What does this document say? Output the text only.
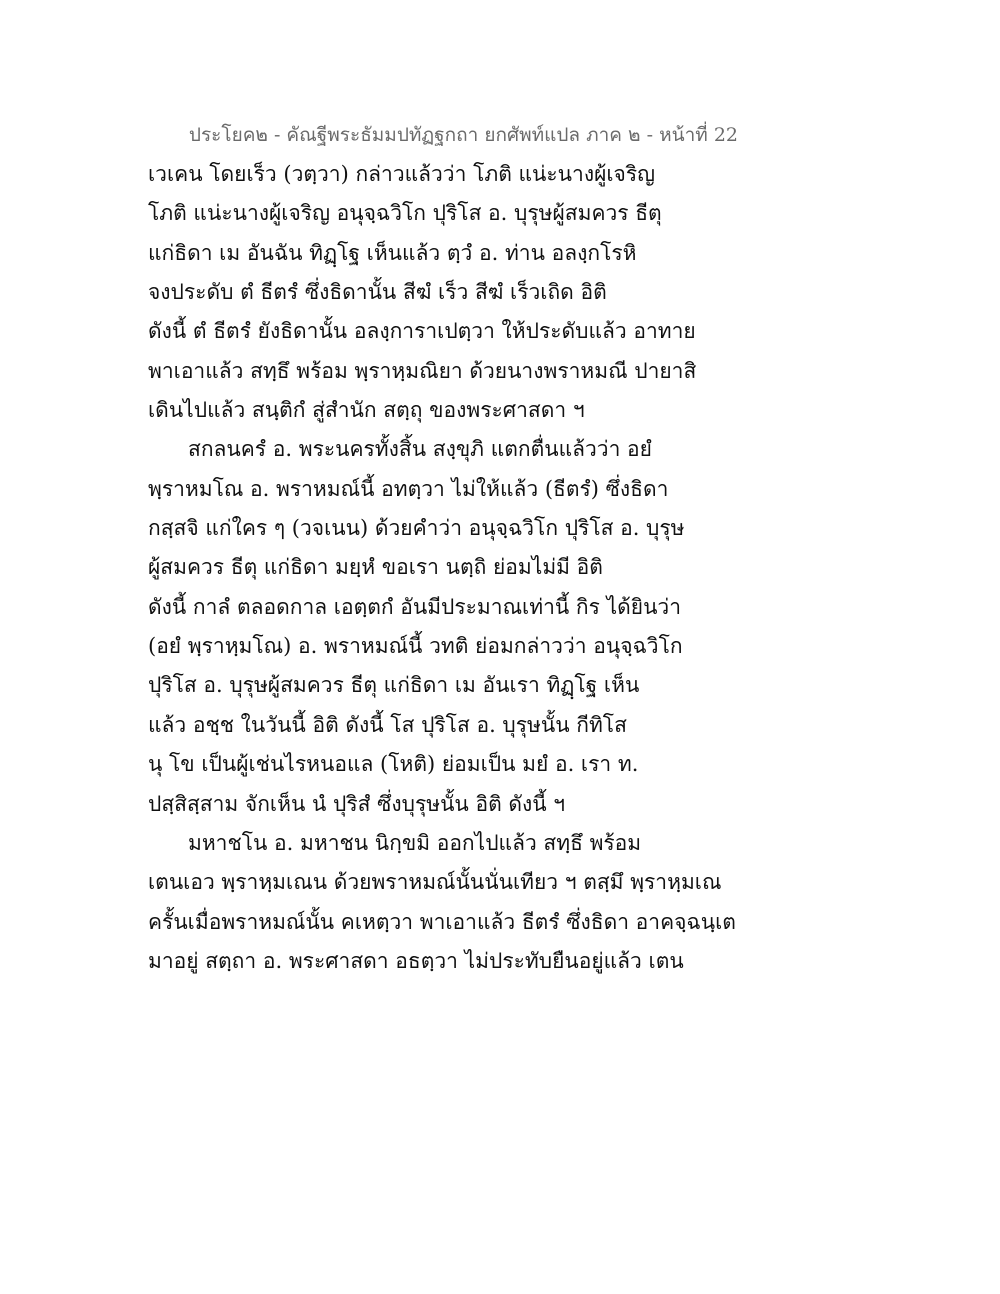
ประโยค๒ - คัณฐีพระธัมมปทัฏฐกถา ยกศัพท์แปล ภาค ๒ - หน้าที่ 22
เวเคน โดยเร็ว (วตฺวา) กล่าวแล้วว่า โภติ แน่ะนางผู้เจริญ
โภติ แน่ะนางผู้เจริญ อนุจฺฉวิโก ปุริโส อ. บุรุษผู้สมควร ธีตุ
แก่ธิดา เม อันฉัน ทิฏฺโฐ เห็นแล้ว ตฺวํ อ. ท่าน อลงฺกโรหิ
จงประดับ ตํ ธีตรํ ซึ่งธิดานั้น สีฆํ เร็ว สีฆํ เร็วเถิด อิติ
ดังนี้ ตํ ธีตรํ ยังธิดานั้น อลงฺการาเปตฺวา ให้ประดับแล้ว อาทาย
พาเอาแล้ว สทฺธึ พร้อม พฺราหฺมณิยา ด้วยนางพราหมณี ปายาสิ
เดินไปแล้ว สนฺติกํ สู่สำนัก สตฺถุ ของพระศาสดา ฯ
สกลนครํ อ. พระนครทั้งสิ้น สงฺขุภิ แตกตื่นแล้วว่า อยํ
พฺราหมโณ อ. พราหมณ์นี้ อทตฺวา ไม่ให้แล้ว (ธีตรํ) ซึ่งธิดา
กสฺสจิ แก่ใคร ๆ (วจเนน) ด้วยคำว่า อนุจฺฉวิโก ปุริโส อ. บุรุษ
ผู้สมควร ธีตุ แก่ธิดา มยฺหํ ขอเรา นตฺถิ ย่อมไม่มี อิติ
ดังนี้ กาลํ ตลอดกาล เอตฺตกํ อันมีประมาณเท่านี้ กิร ได้ยินว่า
(อยํ พฺราหฺมโณ) อ. พราหมณ์นี้ วทติ ย่อมกล่าวว่า อนุจฺฉวิโก
ปุริโส อ. บุรุษผู้สมควร ธีตุ แก่ธิดา เม อันเรา ทิฏฺโฐ เห็น
แล้ว อชฺช ในวันนี้ อิติ ดังนี้ โส ปุริโส อ. บุรุษนั้น กีทิโส
นุ โข เป็นผู้เช่นไรหนอแล (โหติ) ย่อมเป็น มยํ อ. เรา ท.
ปสฺสิสฺสาม จักเห็น นํ ปุริสํ ซึ่งบุรุษนั้น อิติ ดังนี้ ฯ
มหาชโน อ. มหาชน นิกฺขมิ ออกไปแล้ว สทฺธึ พร้อม
เตนเอว พฺราหฺมเณน ด้วยพราหมณ์นั้นนั่นเทียว ฯ ตสฺมึ พฺราหฺมเณ
ครั้นเมื่อพราหมณ์นั้น คเหตฺวา พาเอาแล้ว ธีตรํ ซึ่งธิดา อาคจฺฉนฺเต
มาอยู่ สตฺถา อ. พระศาสดา อธตฺวา ไม่ประทับยืนอยู่แล้ว เตน
